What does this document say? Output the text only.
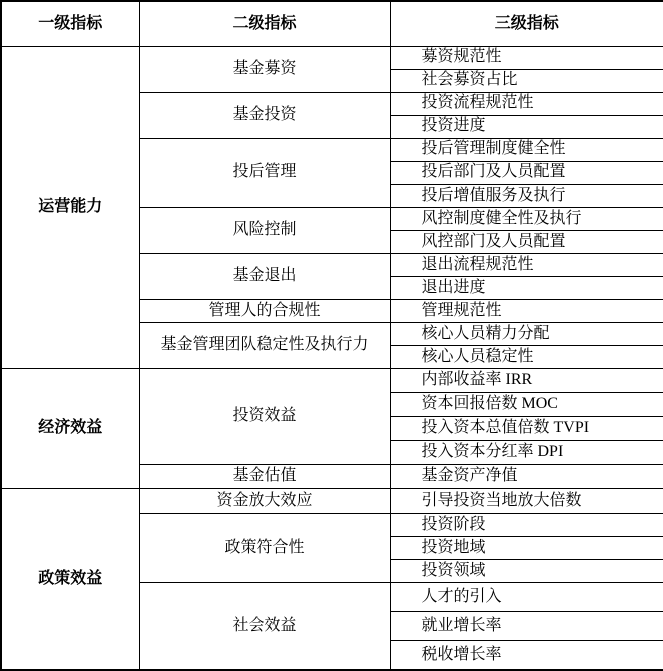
一级指标	二级指标	三级指标
运营能力	基金募资	募资规范性
		社会募资占比
	基金投资	投资流程规范性
		投资进度
	投后管理	投后管理制度健全性
		投后部门及人员配置
		投后增值服务及执行
	风险控制	风控制度健全性及执行
		风控部门及人员配置
	基金退出	退出流程规范性
		退出进度
	管理人的合规性	管理规范性
	基金管理团队稳定性及执行力	核心人员精力分配
		核心人员稳定性
经济效益	投资效益	内部收益率 IRR
		资本回报倍数 MOC
		投入资本总值倍数 TVPI
		投入资本分红率 DPI
	基金估值	基金资产净值
政策效益	资金放大效应	引导投资当地放大倍数
	政策符合性	投资阶段
		投资地域
		投资领域
	社会效益	人才的引入
		就业增长率
		税收增长率
